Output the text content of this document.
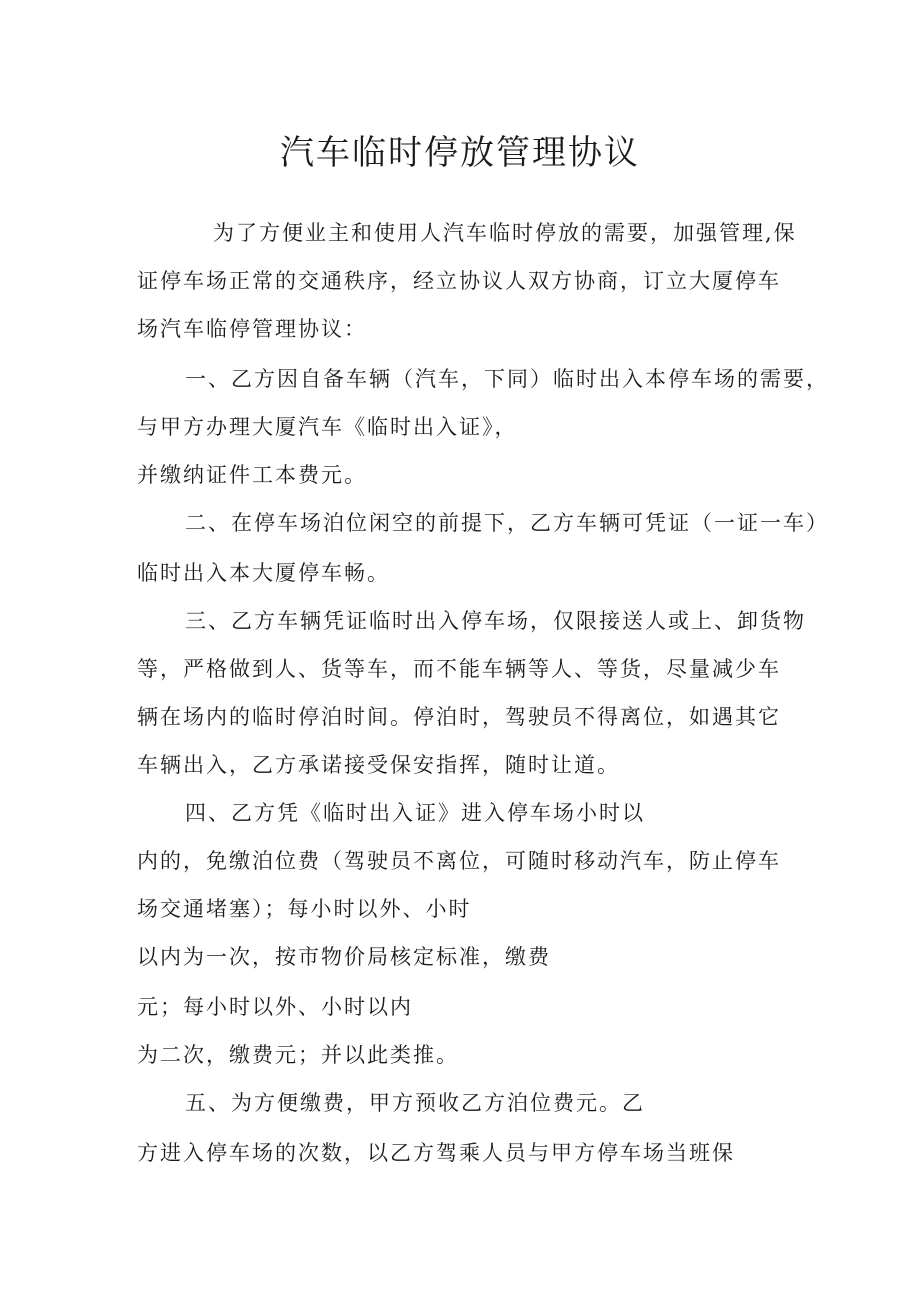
汽车临时停放管理协议
　为了方便业主和使用人汽车临时停放的需要，加强管理,保
证停车场正常的交通秩序，经立协议人双方协商，订立大厦停车
场汽车临停管理协议：
　一、乙方因自备车辆（汽车，下同）临时出入本停车场的需要，
与甲方办理大厦汽车《临时出入证》，
并缴纳证件工本费元。
　二、在停车场泊位闲空的前提下，乙方车辆可凭证（一证一车）
临时出入本大厦停车畅。
　三、乙方车辆凭证临时出入停车场，仅限接送人或上、卸货物
等，严格做到人、货等车，而不能车辆等人、等货，尽量减少车
辆在场内的临时停泊时间。停泊时，驾驶员不得离位，如遇其它
车辆出入，乙方承诺接受保安指挥，随时让道。
　四、乙方凭《临时出入证》进入停车场小时以
内的，免缴泊位费（驾驶员不离位，可随时移动汽车，防止停车
场交通堵塞）；每小时以外、小时
以内为一次，按市物价局核定标准，缴费
元；每小时以外、小时以内
为二次，缴费元；并以此类推。
　五、为方便缴费，甲方预收乙方泊位费元。乙
方进入停车场的次数，以乙方驾乘人员与甲方停车场当班保
